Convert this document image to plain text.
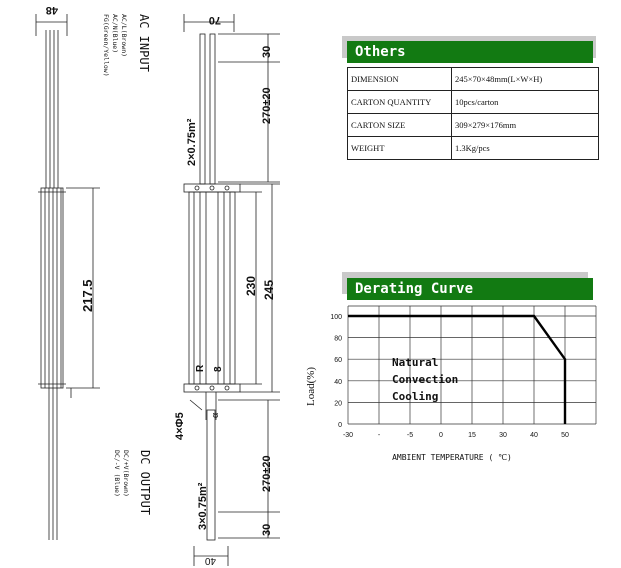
48
217.5
AC INPUT
AC/L(Brown)
AC/N(Blue)
FG(Green/Yellow)
DC OUTPUT
DC/+V(Brown)
DC/-V (Blue)
70
30
270±20
2×0.75m²
245
230
R 8
4×Φ5	α
3×0.75m²
270±20
30
40
Others
DIMENSION	245×70×48mm(L×W×H)
CARTON QUANTITY	10pcs/carton
CARTON SIZE	309×279×176mm
WEIGHT	1.3Kg/pcs
Derating Curve
0
20
40
60
80
100
-30	-	-5	0	15	30	40	50
AMBIENT TEMPERATURE ( ℃)
Load(%)
Natural
Convection
Cooling
